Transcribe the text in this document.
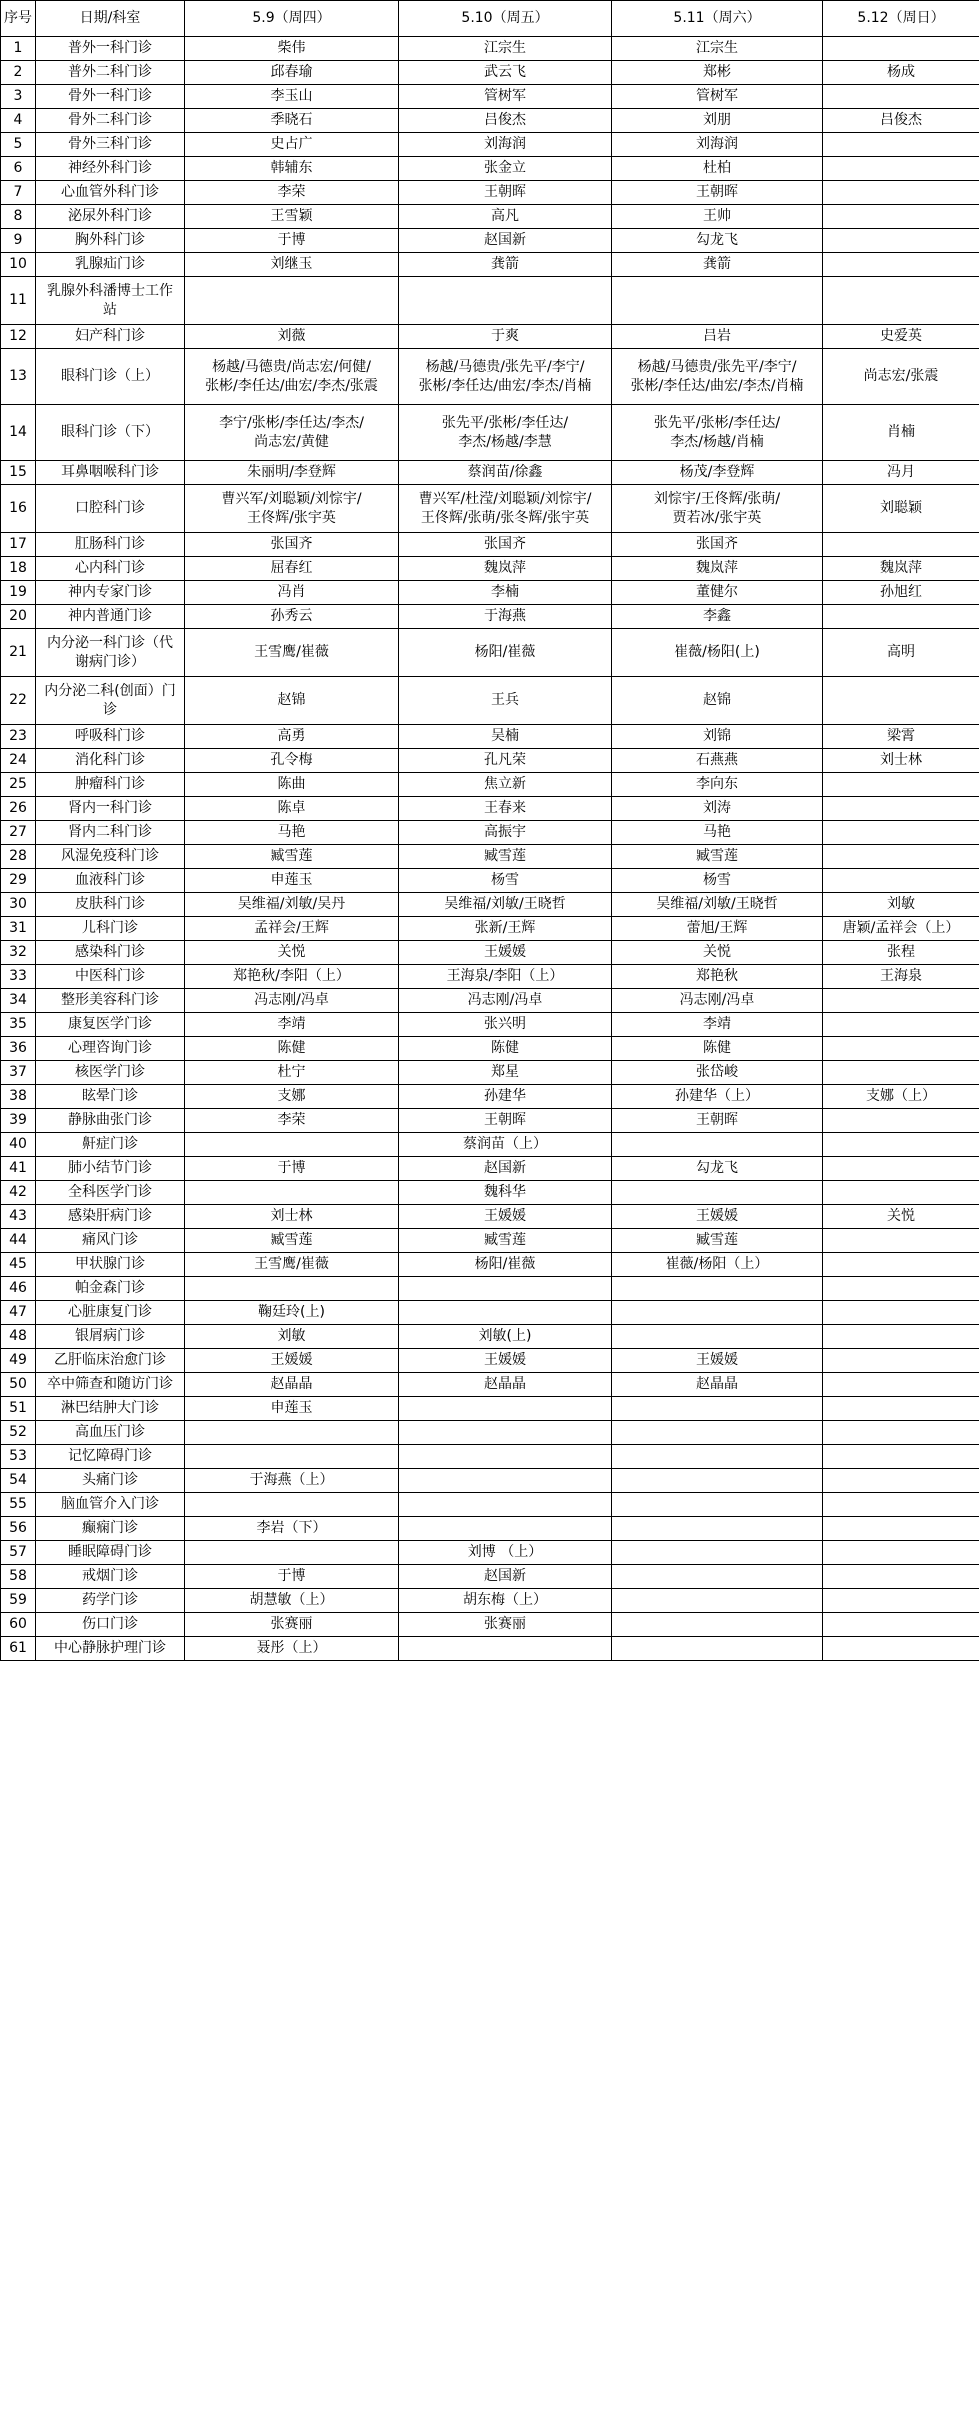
序号	日期/科室	5.9（周四）	5.10（周五）	5.11（周六）	5.12（周日）
1	普外一科门诊	柴伟	江宗生	江宗生	
2	普外二科门诊	邱春瑜	武云飞	郑彬	杨成
3	骨外一科门诊	李玉山	管树军	管树军	
4	骨外二科门诊	季晓石	吕俊杰	刘朋	吕俊杰
5	骨外三科门诊	史占广	刘海润	刘海润	
6	神经外科门诊	韩辅东	张金立	杜柏	
7	心血管外科门诊	李荣	王朝晖	王朝晖	
8	泌尿外科门诊	王雪颖	高凡	王帅	
9	胸外科门诊	于博	赵国新	勾龙飞	
10	乳腺疝门诊	刘继玉	龚箭	龚箭	
11	乳腺外科潘博士工作
站				
12	妇产科门诊	刘薇	于爽	吕岩	史爱英
13	眼科门诊（上）	杨越/马德贵/尚志宏/何健/
张彬/李任达/曲宏/李杰/张震	杨越/马德贵/张先平/李宁/
张彬/李任达/曲宏/李杰/肖楠	杨越/马德贵/张先平/李宁/
张彬/李任达/曲宏/李杰/肖楠	尚志宏/张震
14	眼科门诊（下）	李宁/张彬/李任达/李杰/
尚志宏/黄健	张先平/张彬/李任达/
李杰/杨越/李慧	张先平/张彬/李任达/
李杰/杨越/肖楠	肖楠
15	耳鼻咽喉科门诊	朱丽明/李登辉	蔡润苗/徐鑫	杨茂/李登辉	冯月
16	口腔科门诊	曹兴军/刘聪颖/刘悰宇/
王佟辉/张宇英	曹兴军/杜滢/刘聪颖/刘悰宇/
王佟辉/张萌/张冬辉/张宇英	刘悰宇/王佟辉/张萌/
贾若冰/张宇英	刘聪颖
17	肛肠科门诊	张国齐	张国齐	张国齐	
18	心内科门诊	屈春红	魏岚萍	魏岚萍	魏岚萍
19	神内专家门诊	冯肖	李楠	董健尔	孙旭红
20	神内普通门诊	孙秀云	于海燕	李鑫	
21	内分泌一科门诊（代
谢病门诊）	王雪鹰/崔薇	杨阳/崔薇	崔薇/杨阳(上)	高明
22	内分泌二科(创面）门
诊	赵锦	王兵	赵锦	
23	呼吸科门诊	高勇	吴楠	刘锦	梁霄
24	消化科门诊	孔令梅	孔凡荣	石燕燕	刘士林
25	肿瘤科门诊	陈曲	焦立新	李向东	
26	肾内一科门诊	陈卓	王春来	刘涛	
27	肾内二科门诊	马艳	高振宇	马艳	
28	风湿免疫科门诊	臧雪莲	臧雪莲	臧雪莲	
29	血液科门诊	申莲玉	杨雪	杨雪	
30	皮肤科门诊	吴维福/刘敏/吴丹	吴维福/刘敏/王晓哲	吴维福/刘敏/王晓哲	刘敏
31	儿科门诊	孟祥会/王辉	张新/王辉	蕾旭/王辉	唐颖/孟祥会（上）
32	感染科门诊	关悦	王媛媛	关悦	张程
33	中医科门诊	郑艳秋/李阳（上）	王海泉/李阳（上）	郑艳秋	王海泉
34	整形美容科门诊	冯志刚/冯卓	冯志刚/冯卓	冯志刚/冯卓	
35	康复医学门诊	李靖	张兴明	李靖	
36	心理咨询门诊	陈健	陈健	陈健	
37	核医学门诊	杜宁	郑星	张岱峻	
38	眩晕门诊	支娜	孙建华	孙建华（上）	支娜（上）
39	静脉曲张门诊	李荣	王朝晖	王朝晖	
40	鼾症门诊		蔡润苗（上）		
41	肺小结节门诊	于博	赵国新	勾龙飞	
42	全科医学门诊		魏科华		
43	感染肝病门诊	刘士林	王媛媛	王媛媛	关悦
44	痛风门诊	臧雪莲	臧雪莲	臧雪莲	
45	甲状腺门诊	王雪鹰/崔薇	杨阳/崔薇	崔薇/杨阳（上）	
46	帕金森门诊				
47	心脏康复门诊	鞠廷玲(上)			
48	银屑病门诊	刘敏	刘敏(上)		
49	乙肝临床治愈门诊	王媛媛	王媛媛	王媛媛	
50	卒中筛查和随访门诊	赵晶晶	赵晶晶	赵晶晶	
51	淋巴结肿大门诊	申莲玉			
52	高血压门诊				
53	记忆障碍门诊				
54	头痛门诊	于海燕（上）			
55	脑血管介入门诊				
56	癫痫门诊	李岩（下）			
57	睡眠障碍门诊		刘博 （上）		
58	戒烟门诊	于博	赵国新		
59	药学门诊	胡慧敏（上）	胡东梅（上）		
60	伤口门诊	张赛丽	张赛丽		
61	中心静脉护理门诊	聂彤（上）			
